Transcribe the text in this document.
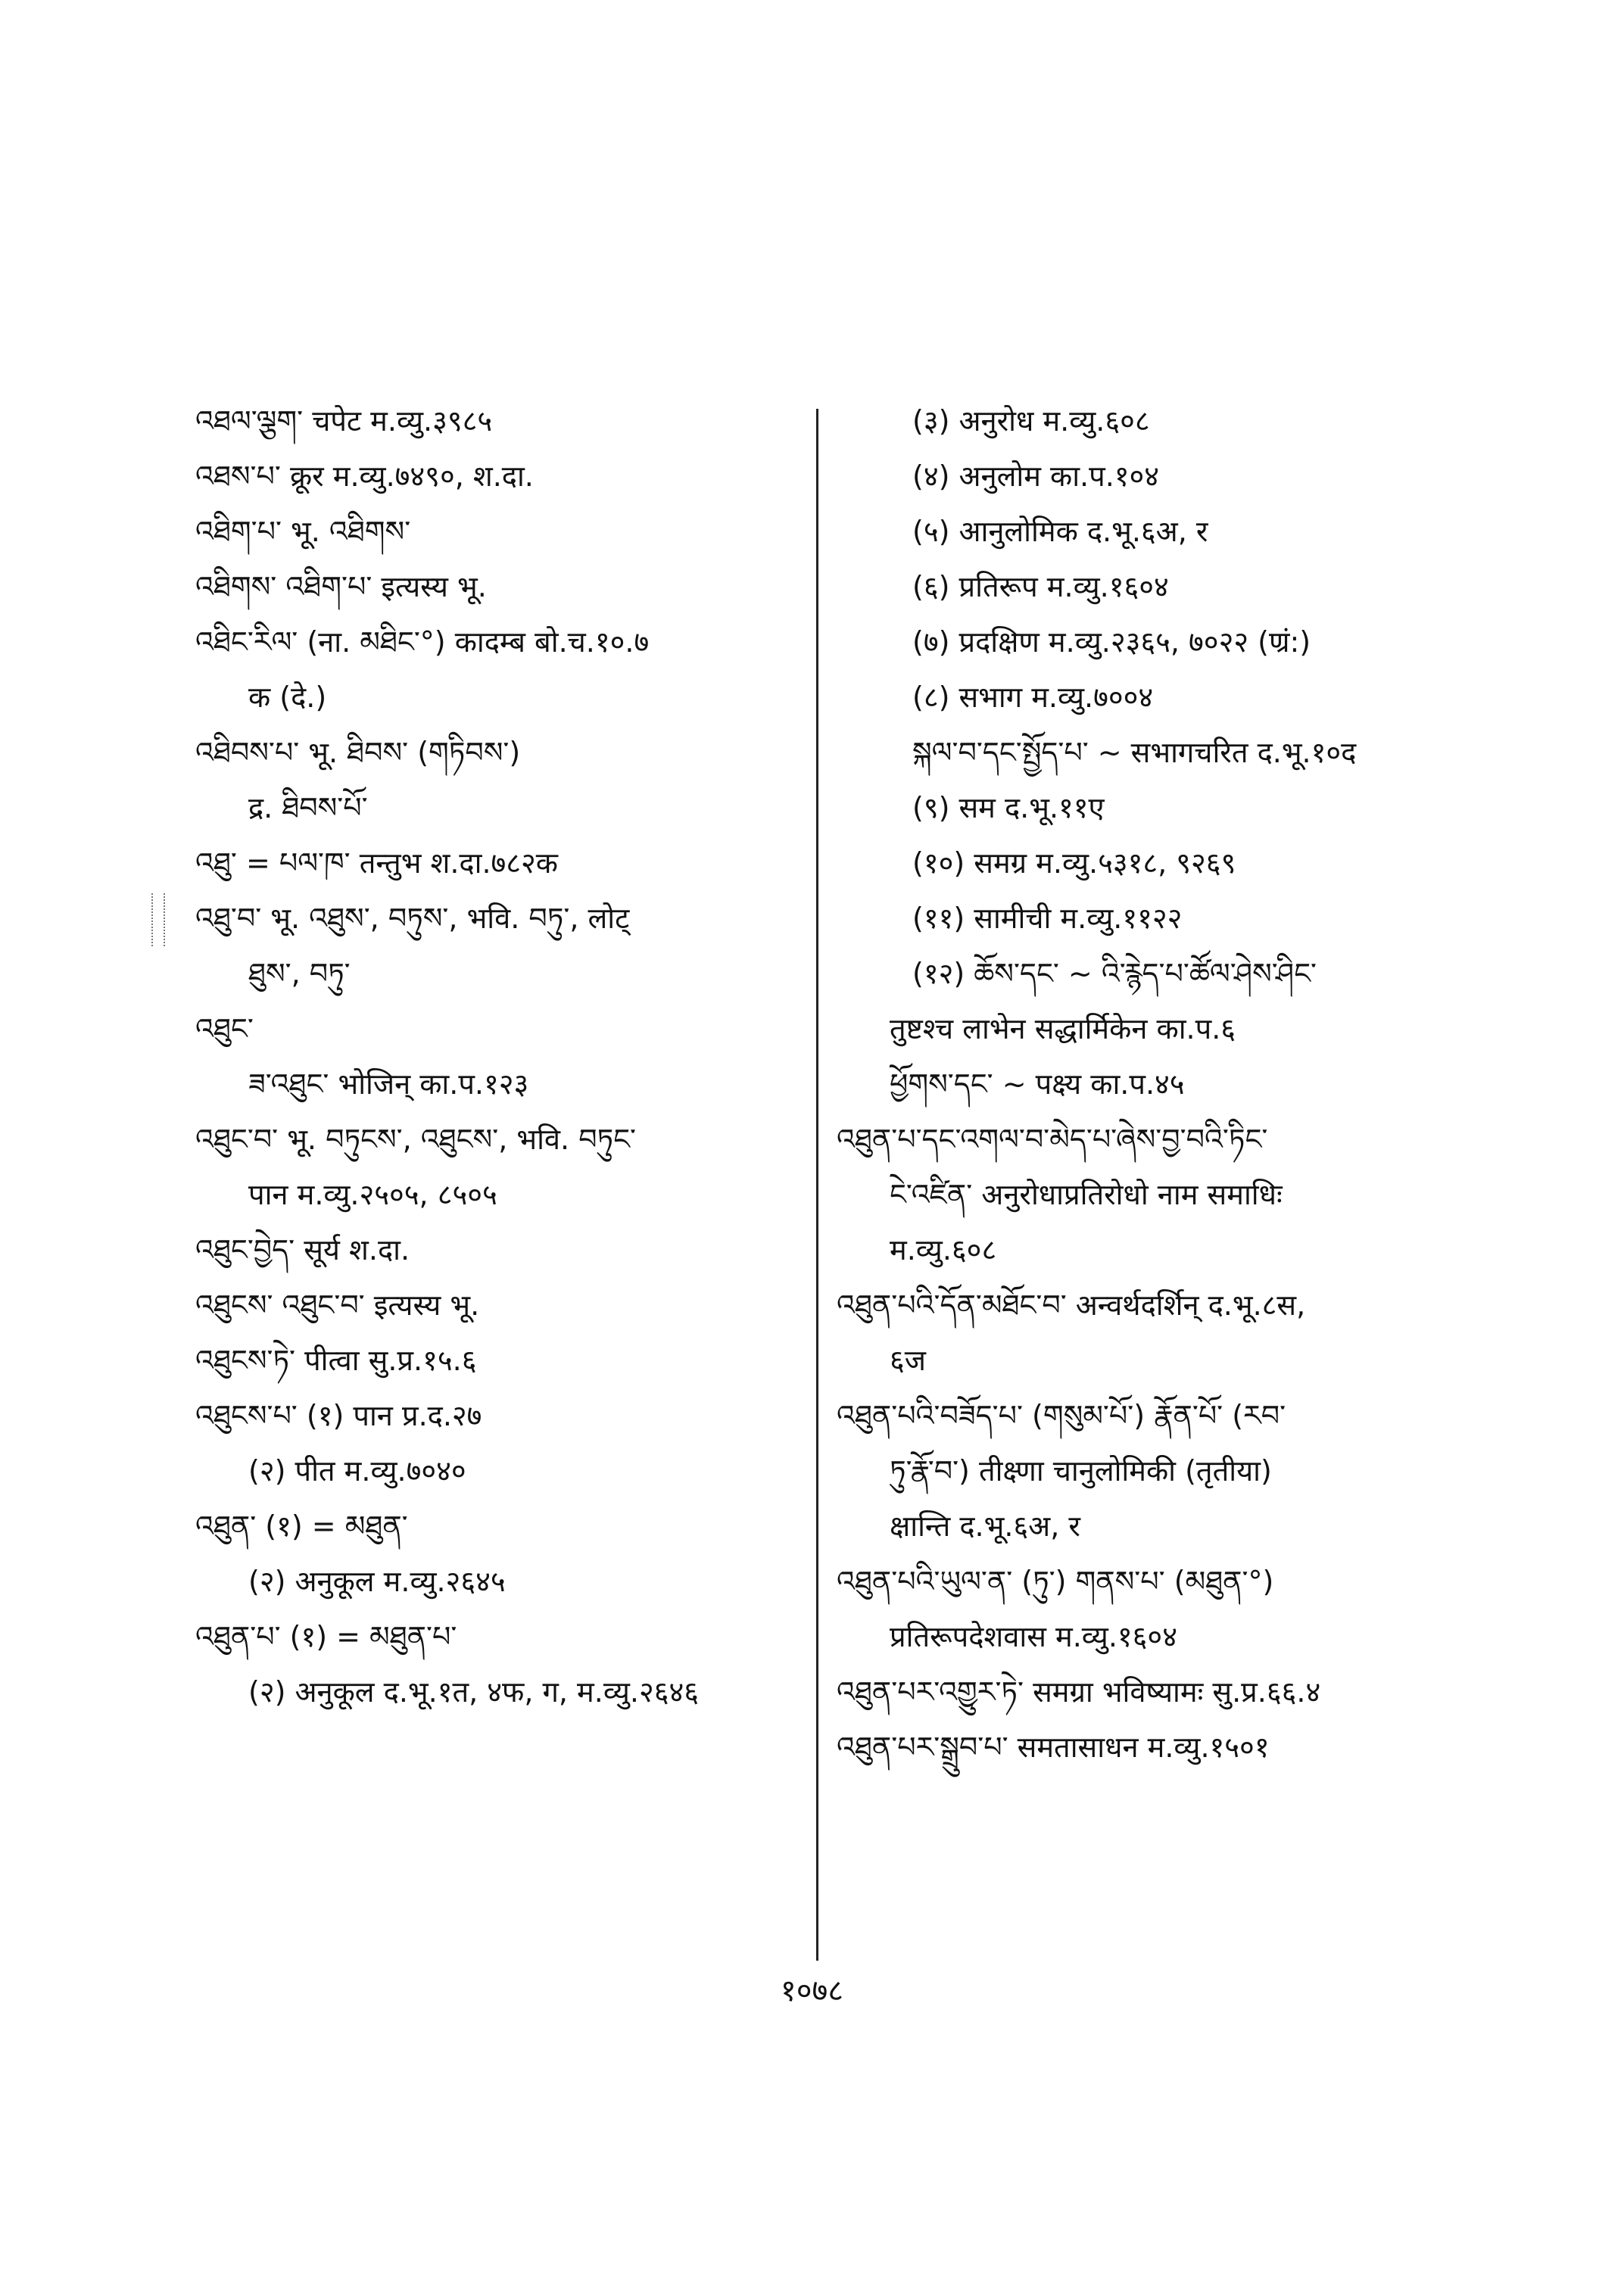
འཐལ་ལྕག་ चपेट म.व्यु.३९८५
འཐས་པ་ क्रूर म.व्यु.७४९०, श.दा.
འཐིག་པ་ भू. འཐིགས་
འཐིགས་ འཐིག་པ་ इत्यस्य भू.
འཐིང་རིལ་ (ना. མཐིང་°) कादम्ब बो.च.१०.७
क (दे.)
འཐིབས་པ་ भू. ཐིབས་ (གཏིབས་)
द्र. ཐིབས་པོ་
འཐུ་ = པལ་ཁ་ तन्तुभ श.दा.७८२क
འཐུ་བ་ भू. འཐུས་, བཏུས་, भवि. བཏུ་, लोट्
ཐུས་, བཏུ་
འཐུང་
ཟ་འཐུང་ भोजिन् का.प.१२३
འཐུང་བ་ भू. བཏུངས་, འཐུངས་, भवि. བཏུང་
पान म.व्यु.२५०५, ८५०५
འཐུང་བྱེད་ सूर्य श.दा.
འཐུངས་ འཐུང་བ་ इत्यस्य भू.
འཐུངས་ཏེ་ पीत्वा सु.प्र.१५.६
འཐུངས་པ་ (१) पान प्र.द.२७
(२) पीत म.व्यु.७०४०
འཐུན་ (१) = མཐུན་
(२) अनुकूल म.व्यु.२६४५
འཐུན་པ་ (१) = མཐུན་པ་
(२) अनुकूल द.भू.१त, ४फ, ग, म.व्यु.२६४६
(३) अनुरोध म.व्यु.६०८
(४) अनुलोम का.प.१०४
(५) आनुलोमिक द.भू.६अ, र
(६) प्रतिरूप म.व्यु.१६०४
(७) प्रदक्षिण म.व्यु.२३६५, ७०२२ (ण्रं:)
(८) सभाग म.व्यु.७००४
སྐལ་བ་དང་སྤྱོད་པ་ ~ सभागचरित द.भू.१०द
(९) सम द.भू.११ए
(१०) समग्र म.व्यु.५३१८, ९२६९
(११) सामीची म.व्यु.११२२
(१२) ཆོས་དང་ ~ འི་རྙེད་པ་ཚོལ་ཤེས་ཤིང་
तुष्टश्च लाभेन सद्धार्मिकेन का.प.६
ཕྱོགས་དང་ ~ पक्ष्य का.प.४५
འཐུན་པ་དང་འགལ་བ་མེད་པ་ཞེས་བྱ་བའི་ཏིང་
ངེ་འཛིན་ अनुरोधाप्रतिरोधो नाम समाधिः
म.व्यु.६०८
འཐུན་པའི་དོན་མཐོང་བ་ अन्वर्थदर्शिन् द.भू.८स,
६ज
འཐུན་པའི་བཟོད་པ་ (གསུམ་པོ་) རྣོན་པོ་ (རབ་
ཏུ་རྣོ་བ་) तीक्ष्णा चानुलोमिकी (तृतीया)
क्षान्ति द.भू.६अ, र
འཐུན་པའི་ཡུལ་ན་ (ཏུ་) གནས་པ་ (མཐུན་°)
प्रतिरूपदेशवास म.व्यु.१६०४
འཐུན་པར་འགྱུར་ཏེ་ समग्रा भविष्यामः सु.प्र.६६.४
འཐུན་པར་སྒྲུབ་པ་ समतासाधन म.व्यु.१५०१
१०७८
